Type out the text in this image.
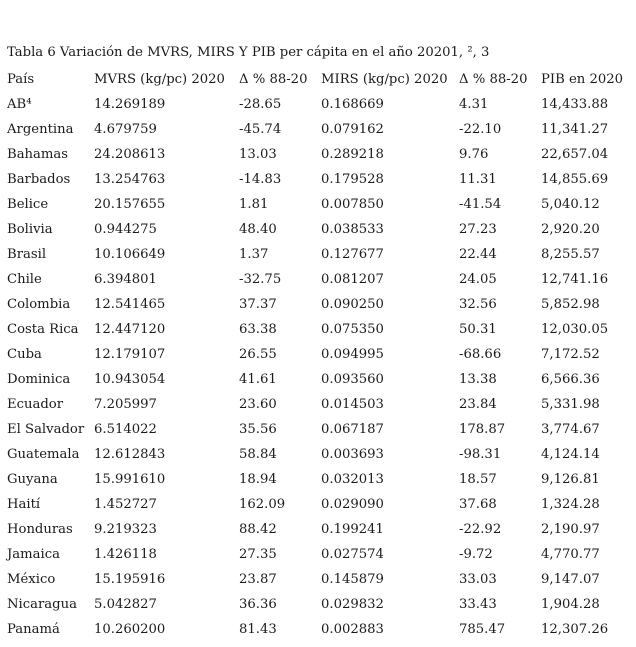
Tabla 6 Variación de MVRS, MIRS Y PIB per cápita en el año 20201, ², 3
País	MVRS (kg/pc) 2020	Δ % 88-20	MIRS (kg/pc) 2020	Δ % 88-20	PIB en 2020
AB⁴	14.269189	-28.65	0.168669	4.31	14,433.88
Argentina	4.679759	-45.74	0.079162	-22.10	11,341.27
Bahamas	24.208613	13.03	0.289218	9.76	22,657.04
Barbados	13.254763	-14.83	0.179528	11.31	14,855.69
Belice	20.157655	1.81	0.007850	-41.54	5,040.12
Bolivia	0.944275	48.40	0.038533	27.23	2,920.20
Brasil	10.106649	1.37	0.127677	22.44	8,255.57
Chile	6.394801	-32.75	0.081207	24.05	12,741.16
Colombia	12.541465	37.37	0.090250	32.56	5,852.98
Costa Rica	12.447120	63.38	0.075350	50.31	12,030.05
Cuba	12.179107	26.55	0.094995	-68.66	7,172.52
Dominica	10.943054	41.61	0.093560	13.38	6,566.36
Ecuador	7.205997	23.60	0.014503	23.84	5,331.98
El Salvador	6.514022	35.56	0.067187	178.87	3,774.67
Guatemala	12.612843	58.84	0.003693	-98.31	4,124.14
Guyana	15.991610	18.94	0.032013	18.57	9,126.81
Haití	1.452727	162.09	0.029090	37.68	1,324.28
Honduras	9.219323	88.42	0.199241	-22.92	2,190.97
Jamaica	1.426118	27.35	0.027574	-9.72	4,770.77
México	15.195916	23.87	0.145879	33.03	9,147.07
Nicaragua	5.042827	36.36	0.029832	33.43	1,904.28
Panamá	10.260200	81.43	0.002883	785.47	12,307.26
